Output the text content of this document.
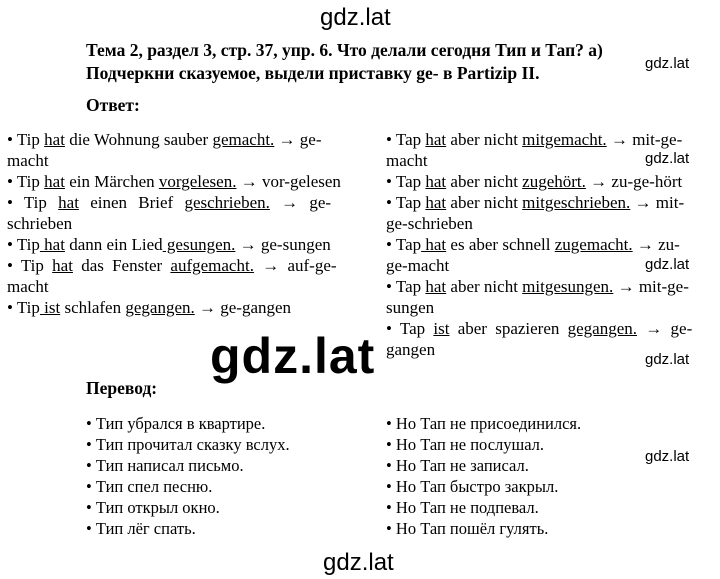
gdz.lat
gdz.lat
gdz.lat
gdz.lat
gdz.lat
gdz.lat
gdz.lat
gdz.lat
Тема 2, раздел 3, стр. 37, упр. 6. Что делали сегодня Тип и Тап? а)
Подчеркни сказуемое, выдели приставку ge- в Partizip II.
Ответ:
• Tip hat die Wohnung sauber gemacht. → ge-
macht
• Tip hat ein Märchen vorgelesen. → vor-gelesen
• Tip hat einen Brief geschrieben. → ge-
schrieben
• Tip hat dann ein Lied gesungen. → ge-sungen
• Tip hat das Fenster aufgemacht. → auf-ge-
macht
• Tip ist schlafen gegangen. → ge-gangen
• Tap hat aber nicht mitgemacht. → mit-ge-
macht
• Tap hat aber nicht zugehört. → zu-ge-hört
• Tap hat aber nicht mitgeschrieben. → mit-
ge-schrieben
• Tap hat es aber schnell zugemacht. → zu-
ge-macht
• Tap hat aber nicht mitgesungen. → mit-ge-
sungen
• Tap ist aber spazieren gegangen. → ge-
gangen
Перевод:
• Тип убрался в квартире.
• Тип прочитал сказку вслух.
• Тип написал письмо.
• Тип спел песню.
• Тип открыл окно.
• Тип лёг спать.
• Но Тап не присоединился.
• Но Тап не послушал.
• Но Тап не записал.
• Но Тап быстро закрыл.
• Но Тап не подпевал.
• Но Тап пошёл гулять.
